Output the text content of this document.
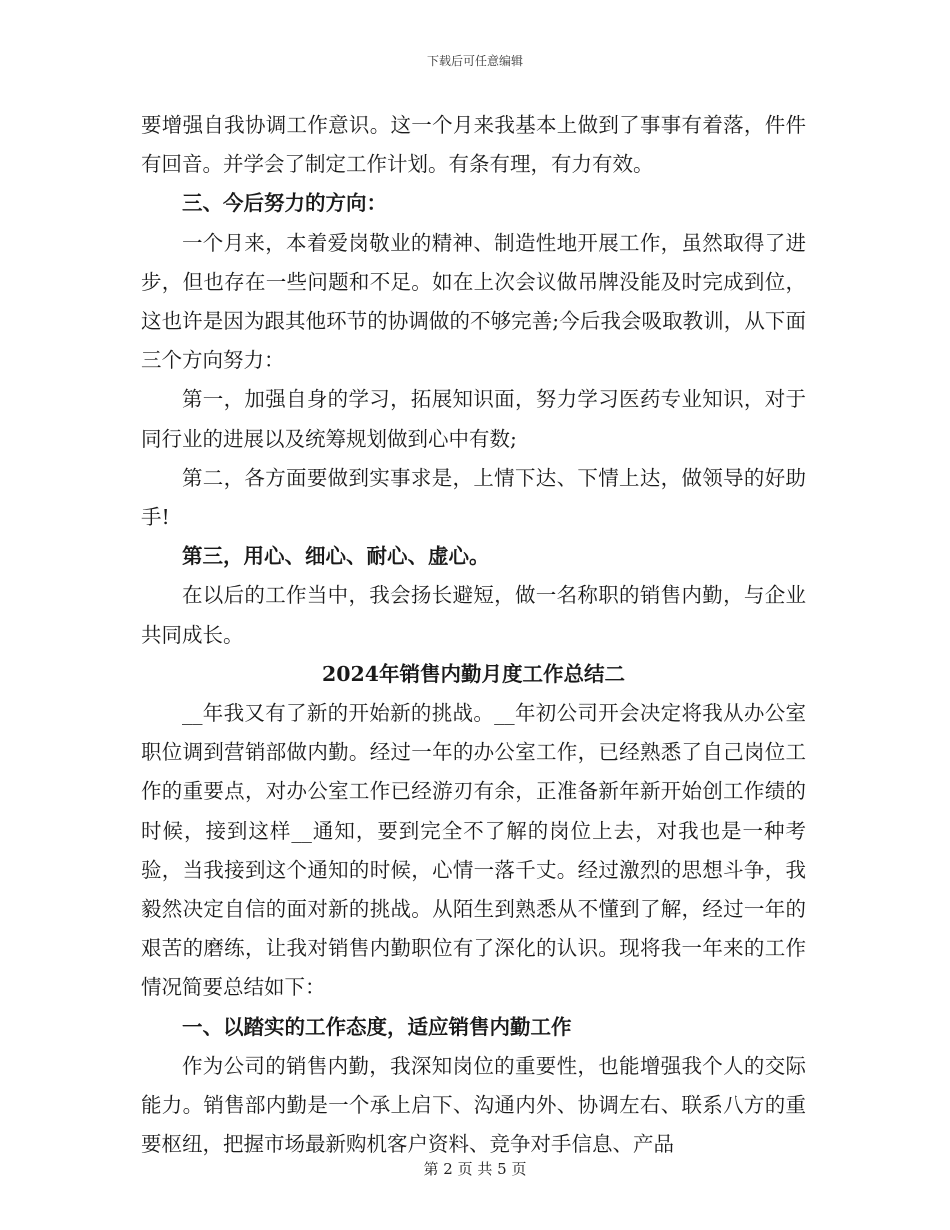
下载后可任意编辑

要增强自我协调工作意识。这一个月来我基本上做到了事事有着落，件件有回音。并学会了制定工作计划。有条有理，有力有效。

三、今后努力的方向：

一个月来，本着爱岗敬业的精神、制造性地开展工作，虽然取得了进步，但也存在一些问题和不足。如在上次会议做吊牌没能及时完成到位，这也许是因为跟其他环节的协调做的不够完善;今后我会吸取教训，从下面三个方向努力：

第一，加强自身的学习，拓展知识面，努力学习医药专业知识，对于同行业的进展以及统筹规划做到心中有数;

第二，各方面要做到实事求是，上情下达、下情上达，做领导的好助手!

第三，用心、细心、耐心、虚心。

在以后的工作当中，我会扬长避短，做一名称职的销售内勤，与企业共同成长。

2024年销售内勤月度工作总结二

__年我又有了新的开始新的挑战。__年初公司开会决定将我从办公室职位调到营销部做内勤。经过一年的办公室工作，已经熟悉了自己岗位工作的重要点，对办公室工作已经游刃有余，正准备新年新开始创工作绩的时候，接到这样__通知，要到完全不了解的岗位上去，对我也是一种考验，当我接到这个通知的时候，心情一落千丈。经过激烈的思想斗争，我毅然决定自信的面对新的挑战。从陌生到熟悉从不懂到了解，经过一年的艰苦的磨练，让我对销售内勤职位有了深化的认识。现将我一年来的工作情况简要总结如下：

一、以踏实的工作态度，适应销售内勤工作

作为公司的销售内勤，我深知岗位的重要性，也能增强我个人的交际能力。销售部内勤是一个承上启下、沟通内外、协调左右、联系八方的重要枢纽，把握市场最新购机客户资料、竞争对手信息、产品

第 2 页 共 5 页
